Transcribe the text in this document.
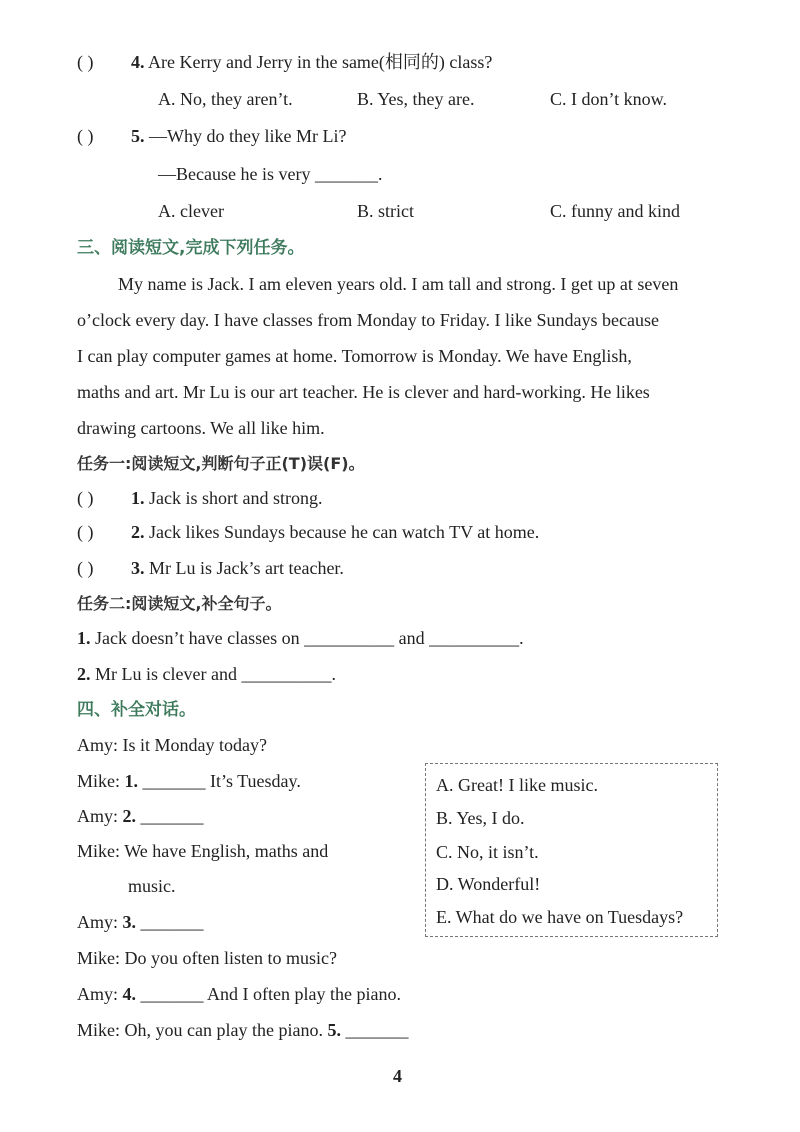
( ) 4. Are Kerry and Jerry in the same(相同的) class?
A. No, they aren’t.	B. Yes, they are.	C. I don’t know.
( ) 5. —Why do they like Mr Li?
—Because he is very _______.
A. clever	B. strict	C. funny and kind
三、阅读短文,完成下列任务。
My name is Jack. I am eleven years old. I am tall and strong. I get up at seven
o’clock every day. I have classes from Monday to Friday. I like Sundays because
I can play computer games at home. Tomorrow is Monday. We have English,
maths and art. Mr Lu is our art teacher. He is clever and hard-working. He likes
drawing cartoons. We all like him.
任务一:阅读短文,判断句子正(T)误(F)。
( ) 1. Jack is short and strong.
( ) 2. Jack likes Sundays because he can watch TV at home.
( ) 3. Mr Lu is Jack’s art teacher.
任务二:阅读短文,补全句子。
1. Jack doesn’t have classes on __________ and __________.
2. Mr Lu is clever and __________.
四、补全对话。
Amy: Is it Monday today?
Mike: 1. _______ It’s Tuesday.
Amy: 2. _______
Mike: We have English, maths and
music.
Amy: 3. _______
Mike: Do you often listen to music?
Amy: 4. _______ And I often play the piano.
Mike: Oh, you can play the piano. 5. _______
A. Great! I like music.
B. Yes, I do.
C. No, it isn’t.
D. Wonderful!
E. What do we have on Tuesdays?
4
